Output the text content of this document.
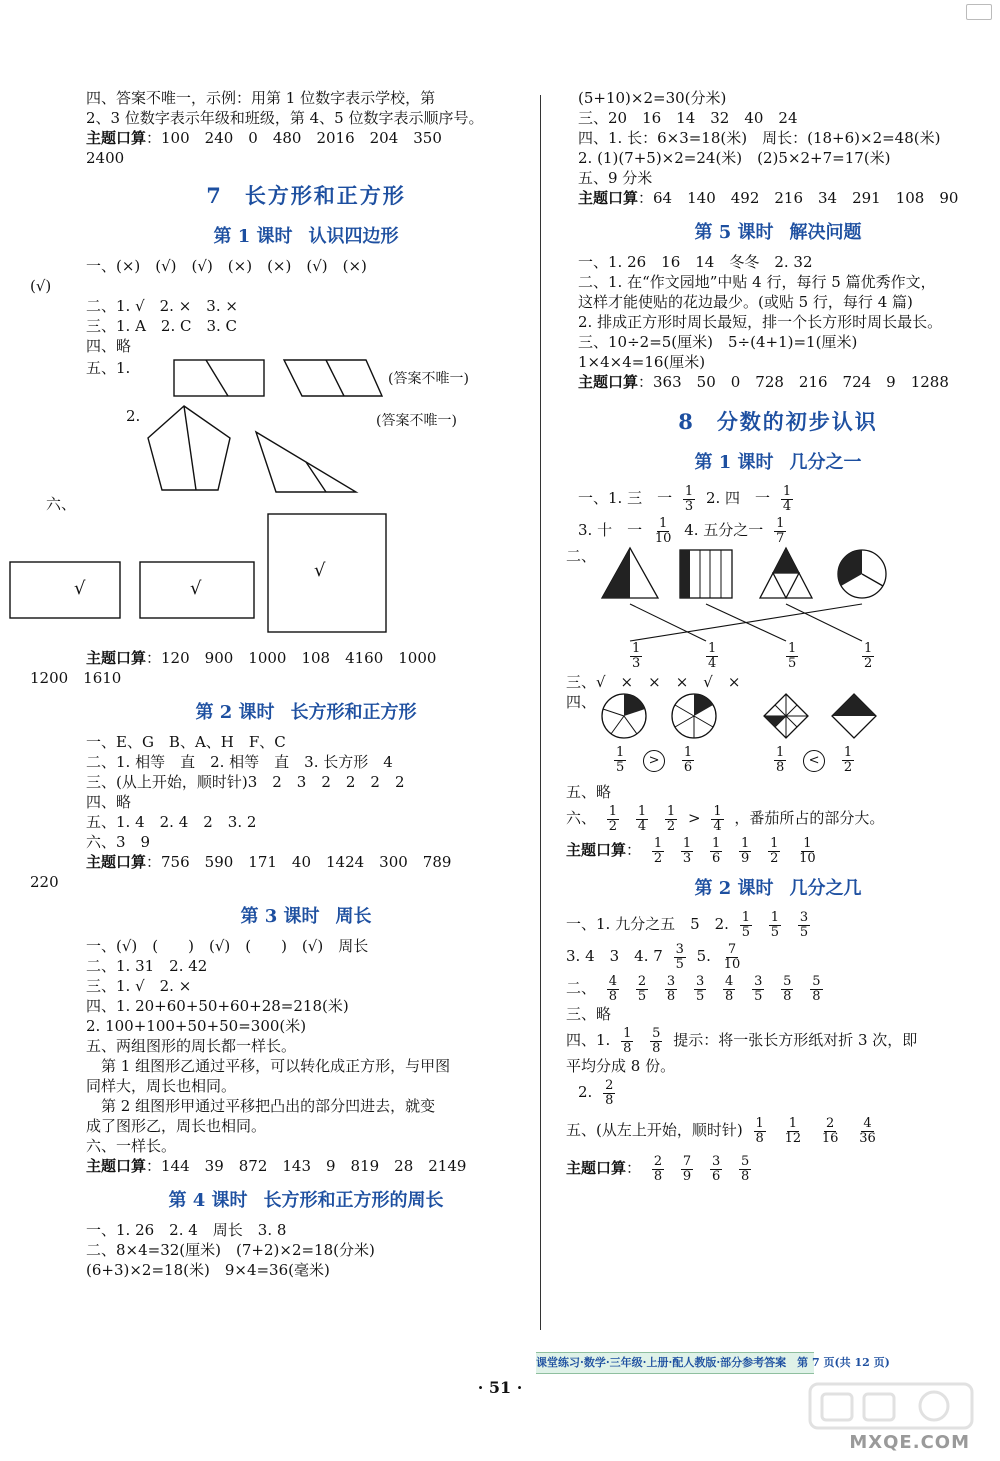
四、答案不唯一，示例：用第 1 位数字表示学校，第
2、3 位数字表示年级和班级，第 4、5 位数字表示顺序号。
主题口算：100　240　0　480　2016　204　350
2400
7 长方形和正方形
第 1 课时 认识四边形
一、(×)　(√)　(√)　(×)　(×)　(√)　(×)
(√)
二、1. √　2. ×　3. ×
三、1. A　2. C　3. C
四、略
五、1.
(答案不唯一)
2.	(答案不唯一)
六、
√	√
√
主题口算：120　900　1000　108　4160　1000
1200　1610
第 2 课时 长方形和正方形
一、E、G　B、A、H　F、C
二、1. 相等　直　2. 相等　直　3. 长方形　4
三、(从上开始，顺时针)3　2　3　2　2　2　2
四、略
五、1. 4　2. 4　2　3. 2
六、3　9
主题口算：756　590　171　40　1424　300　789
220
第 3 课时 周长
一、(√)　(　　)　(√)　(　　)　(√)　周长
二、1. 31　2. 42
三、1. √　2. ×
四、1. 20+60+50+60+28=218(米)
2. 100+100+50+50=300(米)
五、两组图形的周长都一样长。
　第 1 组图形乙通过平移，可以转化成正方形，与甲图
同样大，周长也相同。
　第 2 组图形甲通过平移把凸出的部分凹进去，就变
成了图形乙，周长也相同。
六、一样长。
主题口算：144　39　872　143　9　819　28　2149
第 4 课时 长方形和正方形的周长
一、1. 26　2. 4　周长　3. 8
二、8×4=32(厘米)　(7+2)×2=18(分米)
(6+3)×2=18(米)　9×4=36(毫米)
(5+10)×2=30(分米)
三、20　16　14　32　40　24
四、1. 长：6×3=18(米)　周长：(18+6)×2=48(米)
2. (1)(7+5)×2=24(米)　(2)5×2+7=17(米)
五、9 分米
主题口算：64　140　492　216　34　291　108　90
第 5 课时 解决问题
一、1. 26　16　14　冬冬　2. 32
二、1. 在“作文园地”中贴 4 行，每行 5 篇优秀作文，
这样才能使贴的花边最少。(或贴 5 行，每行 4 篇)
2. 排成正方形时周长最短，排一个长方形时周长最长。
三、10÷2=5(厘米)　5÷(4+1)=1(厘米)
1×4×4=16(厘米)
主题口算：363　50　0　728　216　724　9　1288
8 分数的初步认识
第 1 课时 几分之一
一、1. 三　一 $\frac{1}{3} 2$. 四　一 $\frac{1}{4}$
3. 十　一 $\frac{1}{10} 4$. 五分之一 $\frac{1}{7}$
二、
$\frac{1}{3}$	$\frac{1}{4}$	$\frac{1}{5}$	$\frac{1}{2}$
三、√　×　×　×　√　×
四、
$\frac{1}{5} > \frac{1}{6}$	$\frac{1}{8} < \frac{1}{2}$
五、略
六、 $\frac{1}{2}$
$\frac{1}{4}$
$\frac{1}{2} > \frac{1}{4}$ ，番茄所占的部分大。
主题口算： $\frac{1}{2}$
$\frac{1}{3}$
$\frac{1}{6}$
$\frac{1}{9}$
$\frac{1}{2}$
$\frac{1}{10}$
第 2 课时 几分之几
一、1. 九分之五　5　2. $\frac{1}{5}$
$\frac{1}{5}$
$\frac{3}{5}$
3. 4　3　4. $7 \frac{3}{5} 5$. $\frac{7}{10}$
二、 $\frac{4}{8}$
$\frac{2}{5}$
$\frac{3}{8}$
$\frac{3}{5}$
$\frac{4}{8}$
$\frac{3}{5}$
$\frac{5}{8}$
$\frac{5}{8}$
三、略
四、1. $\frac{1}{8}$
$\frac{5}{8}$ 提示：将一张长方形纸对折 3 次，即
平均分成 8 份。
2. $\frac{2}{8}$
五、(从左上开始，顺时针) $\frac{1}{8}$
$\frac{1}{12}$
$\frac{2}{16}$
$\frac{4}{36}$
主题口算： $\frac{2}{8}$
$\frac{7}{9}$
$\frac{3}{6}$
$\frac{5}{8}$
课堂练习·数学·三年级·上册·配人教版·部分参考答案　第 7 页(共 12 页)
· 51 ·
MXQE.COM
